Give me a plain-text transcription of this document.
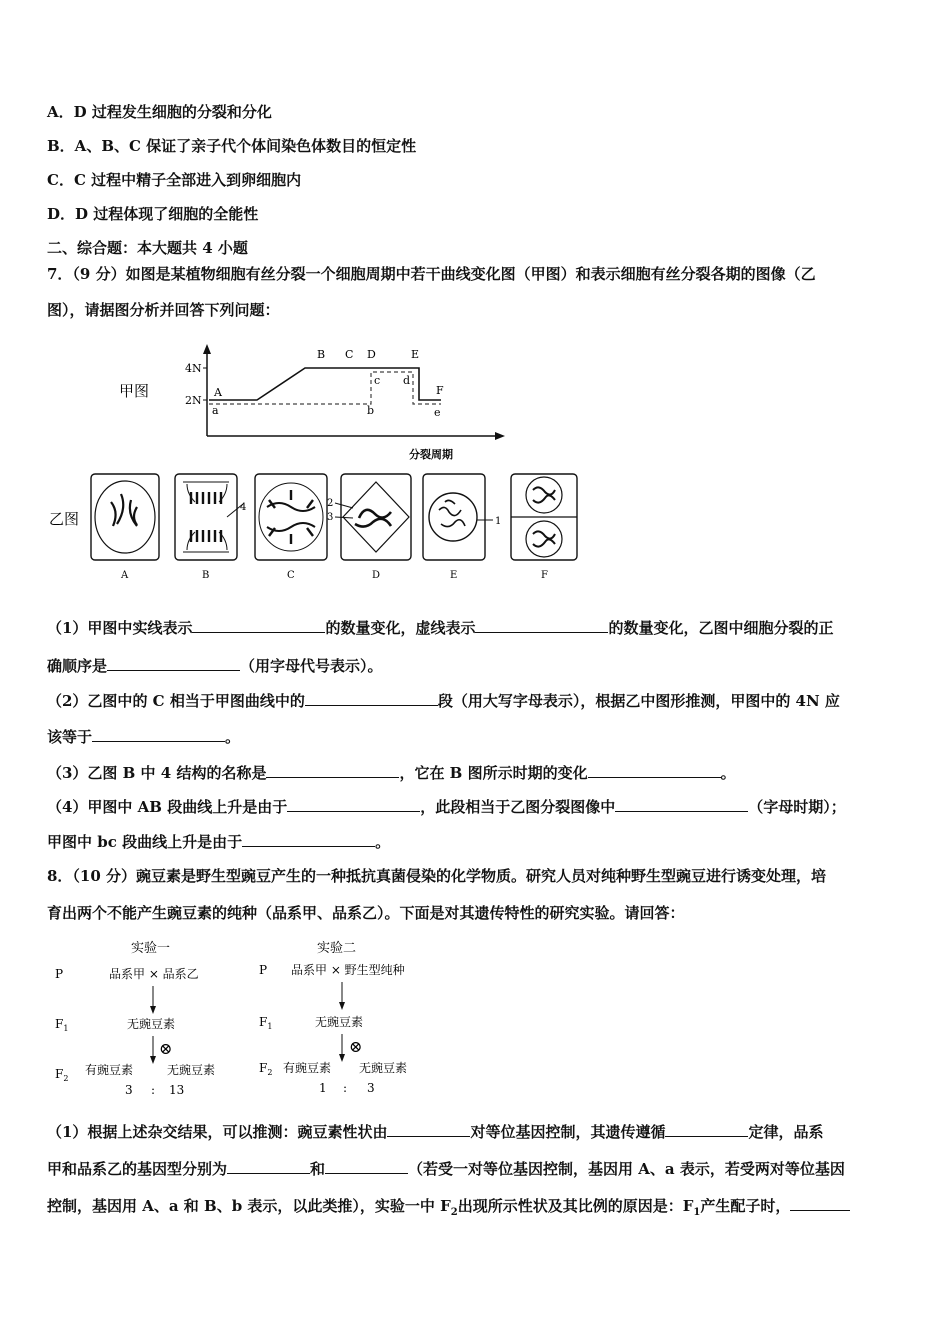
A．D 过程发生细胞的分裂和分化
B．A、B、C 保证了亲子代个体间染色体数目的恒定性
C．C 过程中精子全部进入到卵细胞内
D．D 过程体现了细胞的全能性
二、综合题：本大题共 4 小题
7．（9 分）如图是某植物细胞有丝分裂一个细胞周期中若干曲线变化图（甲图）和表示细胞有丝分裂各期的图像（乙
图），请据图分析并回答下列问题：
甲图
4N
2N
A
B C D	E
F
a	b
c d
e
分裂周期
乙图
4	2
3	1
A	B	C	D	E	F
（1）甲图中实线表示	的数量变化，虚线表示	的数量变化，乙图中细胞分裂的正
确顺序是	（用字母代号表示）。
（2）乙图中的 C 相当于甲图曲线中的	段（用大写字母表示），根据乙中图形推测，甲图中的 4N 应
该等于	。
（3）乙图 B 中 4 结构的名称是	，它在 B 图所示时期的变化	。
（4）甲图中 AB 段曲线上升是由于	，此段相当于乙图分裂图像中	（字母时期）；
甲图中 bc 段曲线上升是由于	。
8．（10 分）豌豆素是野生型豌豆产生的一种抵抗真菌侵染的化学物质。研究人员对纯种野生型豌豆进行诱变处理，培
育出两个不能产生豌豆素的纯种（品系甲、品系乙）。下面是对其遗传特性的研究实验。请回答：
实验一
P	品系甲 × 品系乙
$F_1$	无豌豆素
⊗
$F_2$
有豌豆素	无豌豆素
3 : 13
实验二
P 品系甲 × 野生型纯种
$F_1$	无豌豆素
⊗
$F_2$ 有豌豆素 无豌豆素
1 : 3
（1）根据上述杂交结果，可以推测：豌豆素性状由	对等位基因控制，其遗传遵循	定律，品系
甲和品系乙的基因型分别为	和	（若受一对等位基因控制，基因用 A、a 表示，若受两对等位基因
控制，基因用 A、a 和 B、b 表示，以此类推），实验一中 $F_2$出现所示性状及其比例的原因是：$F_1$产生配子时，
